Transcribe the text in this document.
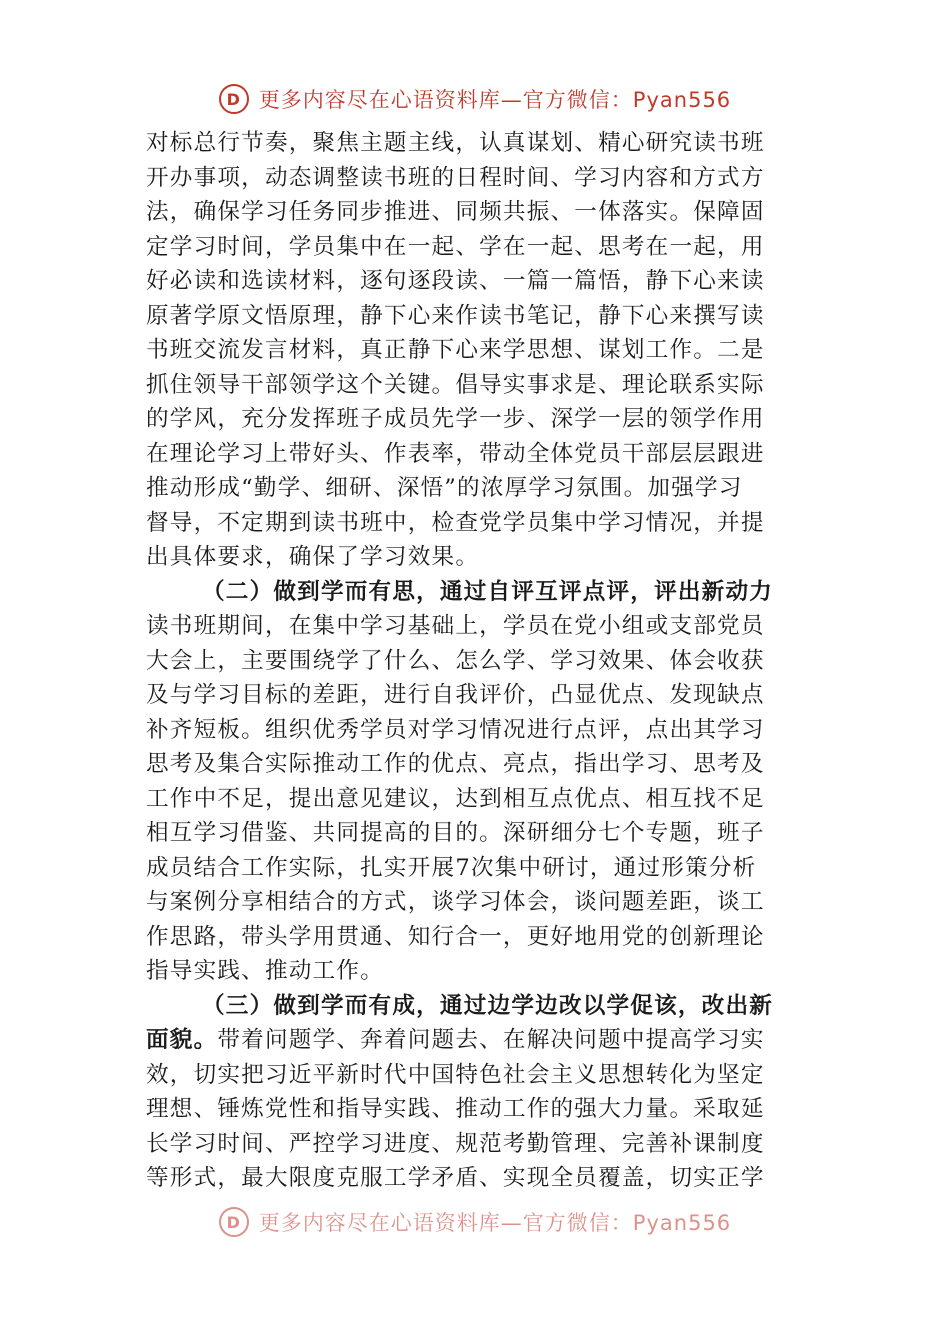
D 更多内容尽在心语资料库—官方微信：Pyan556
对标总行节奏，聚焦主题主线，认真谋划、精心研究读书班
开办事项，动态调整读书班的日程时间、学习内容和方式方
法，确保学习任务同步推进、同频共振、一体落实。保障固
定学习时间，学员集中在一起、学在一起、思考在一起，用
好必读和选读材料，逐句逐段读、一篇一篇悟，静下心来读
原著学原文悟原理，静下心来作读书笔记，静下心来撰写读
书班交流发言材料，真正静下心来学思想、谋划工作。二是
抓住领导干部领学这个关键。倡导实事求是、理论联系实际
的学风，充分发挥班子成员先学一步、深学一层的领学作用
在理论学习上带好头、作表率，带动全体党员干部层层跟进
推动形成“勤学、细研、深悟”的浓厚学习氛围。加强学习
督导，不定期到读书班中，检查党学员集中学习情况，并提
出具体要求，确保了学习效果。
（二）做到学而有思，通过自评互评点评，评出新动力
读书班期间，在集中学习基础上，学员在党小组或支部党员
大会上，主要围绕学了什么、怎么学、学习效果、体会收获
及与学习目标的差距，进行自我评价，凸显优点、发现缺点
补齐短板。组织优秀学员对学习情况进行点评，点出其学习
思考及集合实际推动工作的优点、亮点，指出学习、思考及
工作中不足，提出意见建议，达到相互点优点、相互找不足
相互学习借鉴、共同提高的目的。深研细分七个专题，班子
成员结合工作实际，扎实开展7次集中研讨，通过形策分析
与案例分享相结合的方式，谈学习体会，谈问题差距，谈工
作思路，带头学用贯通、知行合一，更好地用党的创新理论
指导实践、推动工作。
（三）做到学而有成，通过边学边改以学促该，改出新
面貌。带着问题学、奔着问题去、在解决问题中提高学习实
效，切实把习近平新时代中国特色社会主义思想转化为坚定
理想、锤炼党性和指导实践、推动工作的强大力量。采取延
长学习时间、严控学习进度、规范考勤管理、完善补课制度
等形式，最大限度克服工学矛盾、实现全员覆盖，切实正学
D 更多内容尽在心语资料库—官方微信：Pyan556
